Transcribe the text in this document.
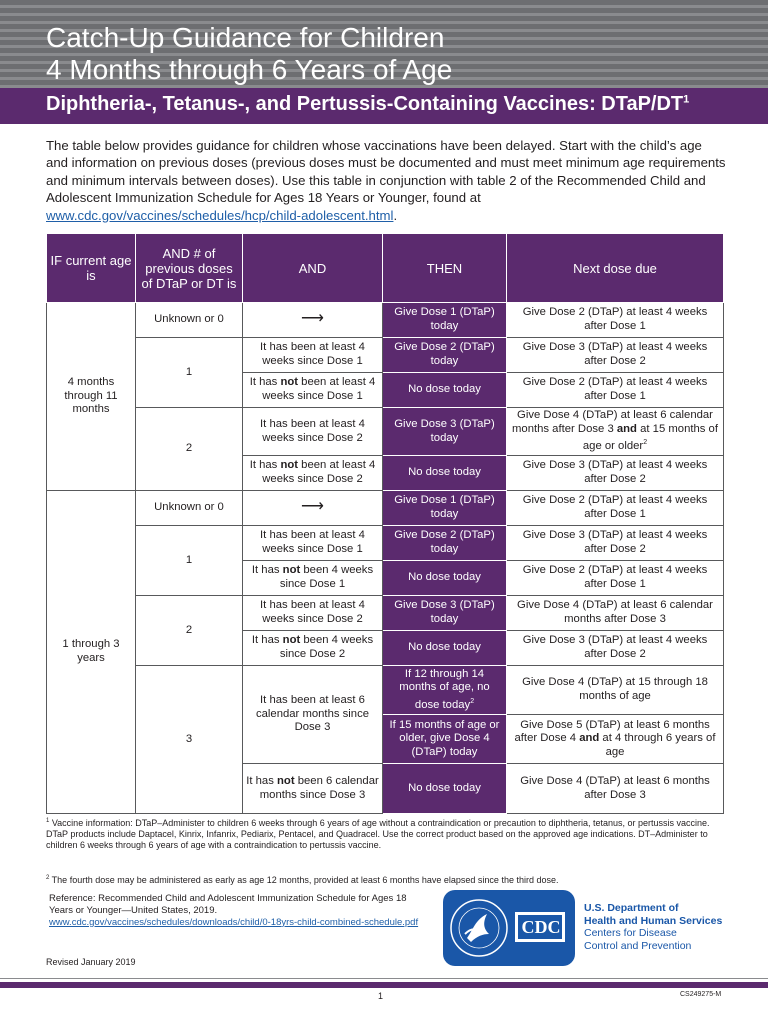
Catch-Up Guidance for Children
4 Months through 6 Years of Age
Diphtheria-, Tetanus-, and Pertussis-Containing Vaccines: DTaP/$DT^1$

The table below provides guidance for children whose vaccinations have been delayed. Start with the child’s age and information on previous doses (previous doses must be documented and must meet minimum age requirements and minimum intervals between doses). Use this table in conjunction with table 2 of the Recommended Child and Adolescent Immunization Schedule for Ages 18 Years or Younger, found at www.cdc.gov/vaccines/schedules/hcp/child-adolescent.html.

IF current age is	AND # of previous doses of DTaP or DT is	AND	THEN	Next dose due
4 months through 11 months	Unknown or 0	⟶	Give Dose 1 (DTaP) today	Give Dose 2 (DTaP) at least 4 weeks after Dose 1
	1	It has been at least 4 weeks since Dose 1	Give Dose 2 (DTaP) today	Give Dose 3 (DTaP) at least 4 weeks after Dose 2
		It has not been at least 4 weeks since Dose 1	No dose today	Give Dose 2 (DTaP) at least 4 weeks after Dose 1
	2	It has been at least 4 weeks since Dose 2	Give Dose 3 (DTaP) today	Give Dose 4 (DTaP) at least 6 calendar months after Dose 3 and at 15 months of age or older$^2$
		It has not been at least 4 weeks since Dose 2	No dose today	Give Dose 3 (DTaP) at least 4 weeks after Dose 2
1 through 3 years	Unknown or 0	⟶	Give Dose 1 (DTaP) today	Give Dose 2 (DTaP) at least 4 weeks after Dose 1
	1	It has been at least 4 weeks since Dose 1	Give Dose 2 (DTaP) today	Give Dose 3 (DTaP) at least 4 weeks after Dose 2
		It has not been 4 weeks since Dose 1	No dose today	Give Dose 2 (DTaP) at least 4 weeks after Dose 1
	2	It has been at least 4 weeks since Dose 2	Give Dose 3 (DTaP) today	Give Dose 4 (DTaP) at least 6 calendar months after Dose 3
		It has not been 4 weeks since Dose 2	No dose today	Give Dose 3 (DTaP) at least 4 weeks after Dose 2
	3	It has been at least 6 calendar months since Dose 3	If 12 through 14 months of age, no dose today$^2$	Give Dose 4 (DTaP) at 15 through 18 months of age
			If 15 months of age or older, give Dose 4 (DTaP) today	Give Dose 5 (DTaP) at least 6 months after Dose 4 and at 4 through 6 years of age
		It has not been 6 calendar months since Dose 3	No dose today	Give Dose 4 (DTaP) at least 6 months after Dose 3

$^1$ Vaccine information: DTaP–Administer to children 6 weeks through 6 years of age without a contraindication or precaution to diphtheria, tetanus, or pertussis vaccine. DTaP products include Daptacel, Kinrix, Infanrix, Pediarix, Pentacel, and Quadracel. Use the correct product based on the approved age indications. DT–Administer to children 6 weeks through 6 years of age with a contraindication to pertussis vaccine.

$^2$ The fourth dose may be administered as early as age 12 months, provided at least 6 months have elapsed since the third dose.

Reference: Recommended Child and Adolescent Immunization Schedule for Ages 18 Years or Younger—United States, 2019. www.cdc.gov/vaccines/schedules/downloads/child/0-18yrs-child-combined-schedule.pdf

Revised January 2019

CDC
U.S. Department of
Health and Human Services
Centers for Disease
Control and Prevention
1	CS249275-M
